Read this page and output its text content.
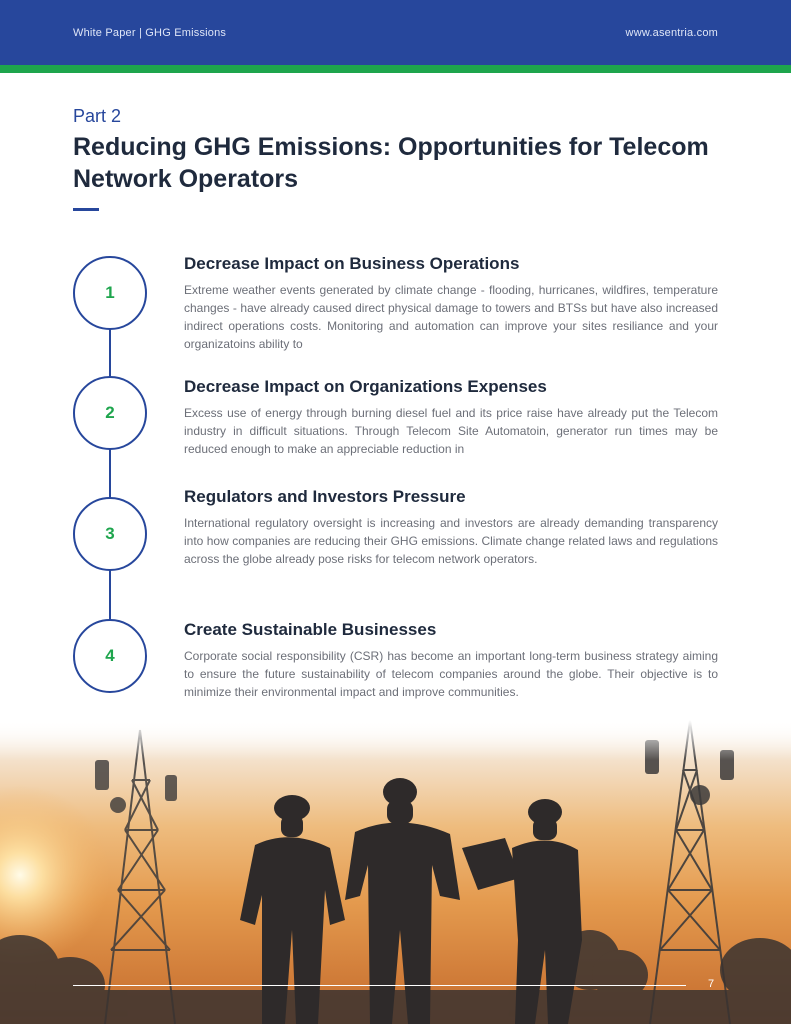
White Paper | GHG Emissions	www.asentria.com
Part 2
Reducing GHG Emissions: Opportunities for Telecom Network Operators
1
Decrease Impact on Business Operations

Extreme weather events generated by climate change - flooding, hurricanes, wildfires, temperature changes - have already caused direct physical damage to towers and BTSs but have also increased indirect operations costs. Monitoring and automation can improve your sites resiliance and your organizatoins ability to

2
Decrease Impact on Organizations Expenses

Excess use of energy through burning diesel fuel and its price raise have already put the Telecom industry in difficult situations. Through Telecom Site Automatoin, generator run times may be reduced enough to make an appreciable reduction in

3
Regulators and Investors Pressure

International regulatory oversight is increasing and investors are already demanding transparency into how companies are reducing their GHG emissions. Climate change related laws and regulations across the globe already pose risks for telecom network operators.

4
Create Sustainable Businesses

Corporate social responsibility (CSR) has become an important long-term business strategy aiming to ensure the future sustainability of telecom companies around the globe. Their objective is to minimize their environmental impact and improve communities.

7
